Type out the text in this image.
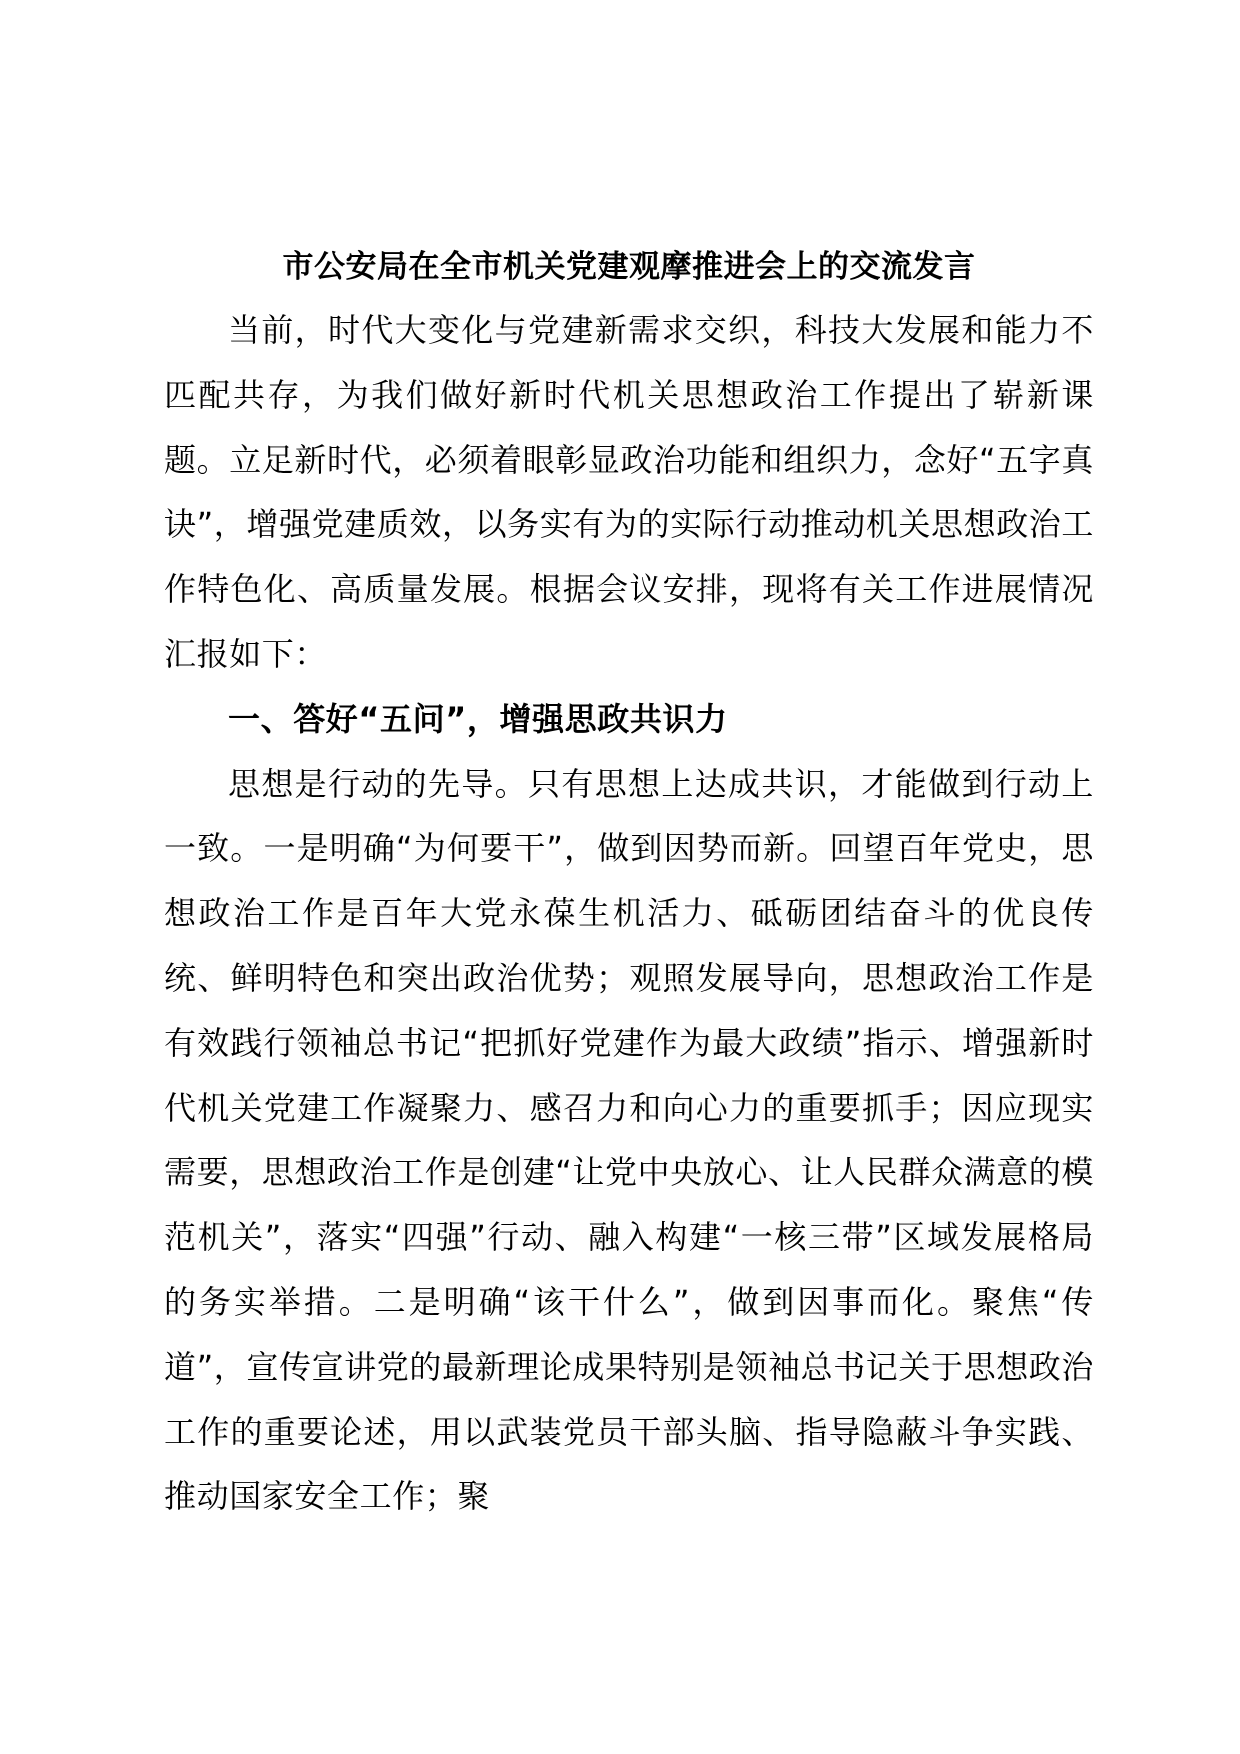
市公安局在全市机关党建观摩推进会上的交流发言

当前，时代大变化与党建新需求交织，科技大发展和能力不匹配共存，为我们做好新时代机关思想政治工作提出了崭新课题。立足新时代，必须着眼彰显政治功能和组织力，念好“五字真诀”，增强党建质效，以务实有为的实际行动推动机关思想政治工作特色化、高质量发展。根据会议安排，现将有关工作进展情况汇报如下：

一、答好“五问”，增强思政共识力

思想是行动的先导。只有思想上达成共识，才能做到行动上一致。一是明确“为何要干”，做到因势而新。回望百年党史，思想政治工作是百年大党永葆生机活力、砥砺团结奋斗的优良传统、鲜明特色和突出政治优势；观照发展导向，思想政治工作是有效践行领袖总书记“把抓好党建作为最大政绩”指示、增强新时代机关党建工作凝聚力、感召力和向心力的重要抓手；因应现实需要，思想政治工作是创建“让党中央放心、让人民群众满意的模范机关”，落实“四强”行动、融入构建“一核三带”区域发展格局的务实举措。二是明确“该干什么”，做到因事而化。聚焦“传道”，宣传宣讲党的最新理论成果特别是领袖总书记关于思想政治工作的重要论述，用以武装党员干部头脑、指导隐蔽斗争实践、推动国家安全工作；聚
